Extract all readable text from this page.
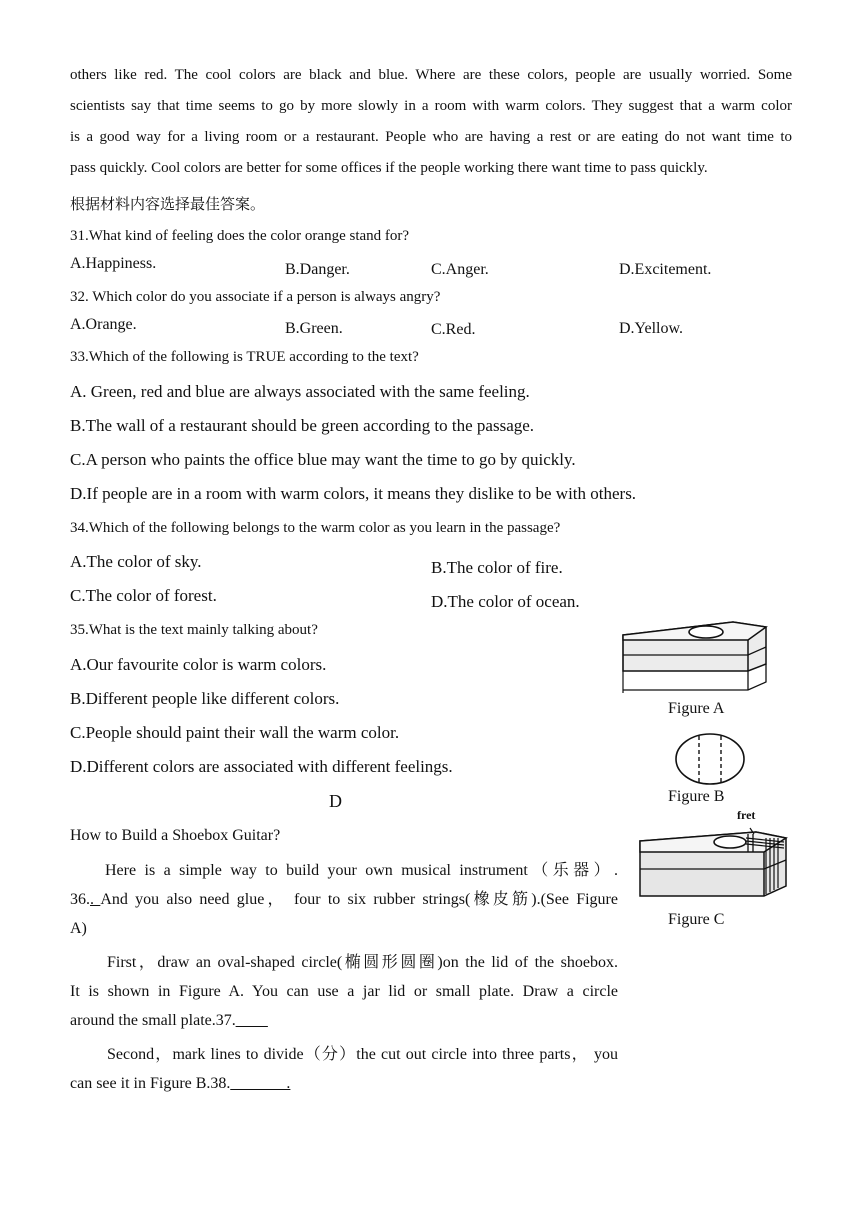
others like red. The cool colors are black and blue. Where are these colors, people are usually worried. Some
scientists say that time seems to go by more slowly in a room with warm colors. They suggest that a warm color
is a good way for a living room or a restaurant. People who are having a rest or are eating do not want time to
pass quickly. Cool colors are better for some offices if the people working there want time to pass quickly.
根据材料内容选择最佳答案。
31.What kind of feeling does the color orange stand for?
A.Happiness.	B.Danger.	C.Anger.	D.Excitement.
32. Which color do you associate if a person is always angry?
A.Orange.	B.Green.	C.Red.	D.Yellow.
33.Which of the following is TRUE according to the text?
A. Green, red and blue are always associated with the same feeling.
B.The wall of a restaurant should be green according to the passage.
C.A person who paints the office blue may want the time to go by quickly.
D.If people are in a room with warm colors, it means they dislike to be with others.
34.Which of the following belongs to the warm color as you learn in the passage?
A.The color of sky.	B.The color of fire.
C.The color of forest.	D.The color of ocean.
35.What is the text mainly talking about?
A.Our favourite color is warm colors.
B.Different people like different colors.
C.People should paint their wall the warm color.
D.Different colors are associated with different feelings.
D
How to Build a Shoebox Guitar?
Here is a simple way to build your own musical instrument（乐器）.
36.. And you also need glue， four to six rubber strings(橡皮筋).(See Figure
A)
First，draw an oval-shaped circle(椭圆形圆圈)on the lid of the shoebox.
It is shown in Figure A. You can use a jar lid or small plate. Draw a circle
around the small plate.37.____
Second，mark lines to divide（分）the cut out circle into three parts， you
can see it in Figure B.38._______.
Figure A
Figure B
fret
Figure C
